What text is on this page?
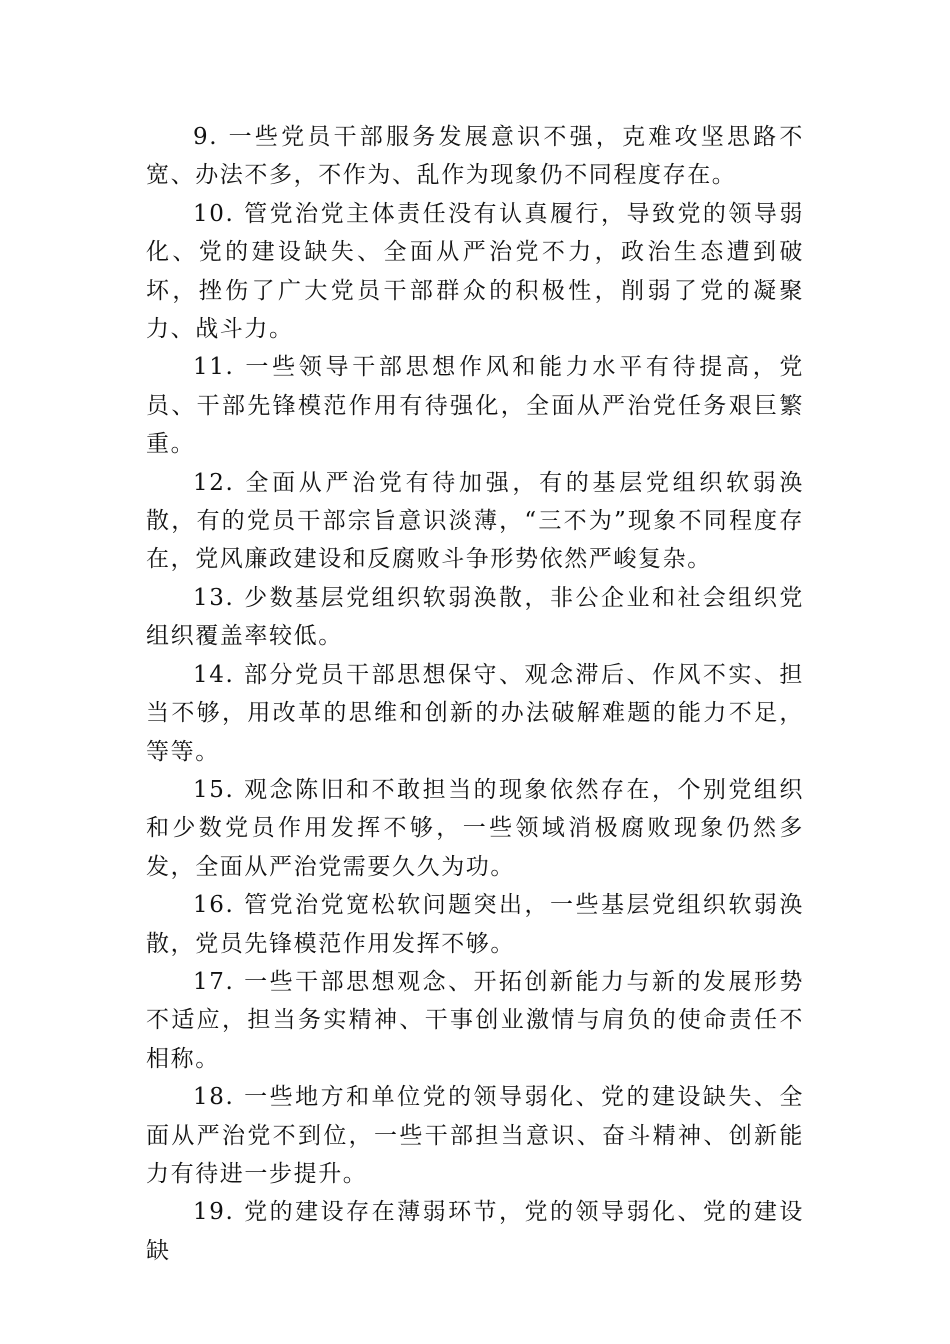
9. 一些党员干部服务发展意识不强，克难攻坚思路不宽、办法不多，不作为、乱作为现象仍不同程度存在。

10. 管党治党主体责任没有认真履行，导致党的领导弱化、党的建设缺失、全面从严治党不力，政治生态遭到破坏，挫伤了广大党员干部群众的积极性，削弱了党的凝聚力、战斗力。

11. 一些领导干部思想作风和能力水平有待提高，党员、干部先锋模范作用有待强化，全面从严治党任务艰巨繁重。

12. 全面从严治党有待加强，有的基层党组织软弱涣散，有的党员干部宗旨意识淡薄，“三不为”现象不同程度存在，党风廉政建设和反腐败斗争形势依然严峻复杂。

13. 少数基层党组织软弱涣散，非公企业和社会组织党组织覆盖率较低。

14. 部分党员干部思想保守、观念滞后、作风不实、担当不够，用改革的思维和创新的办法破解难题的能力不足，等等。

15. 观念陈旧和不敢担当的现象依然存在，个别党组织和少数党员作用发挥不够，一些领域消极腐败现象仍然多发，全面从严治党需要久久为功。

16. 管党治党宽松软问题突出，一些基层党组织软弱涣散，党员先锋模范作用发挥不够。

17. 一些干部思想观念、开拓创新能力与新的发展形势不适应，担当务实精神、干事创业激情与肩负的使命责任不相称。

18. 一些地方和单位党的领导弱化、党的建设缺失、全面从严治党不到位，一些干部担当意识、奋斗精神、创新能力有待进一步提升。

19. 党的建设存在薄弱环节，党的领导弱化、党的建设缺
